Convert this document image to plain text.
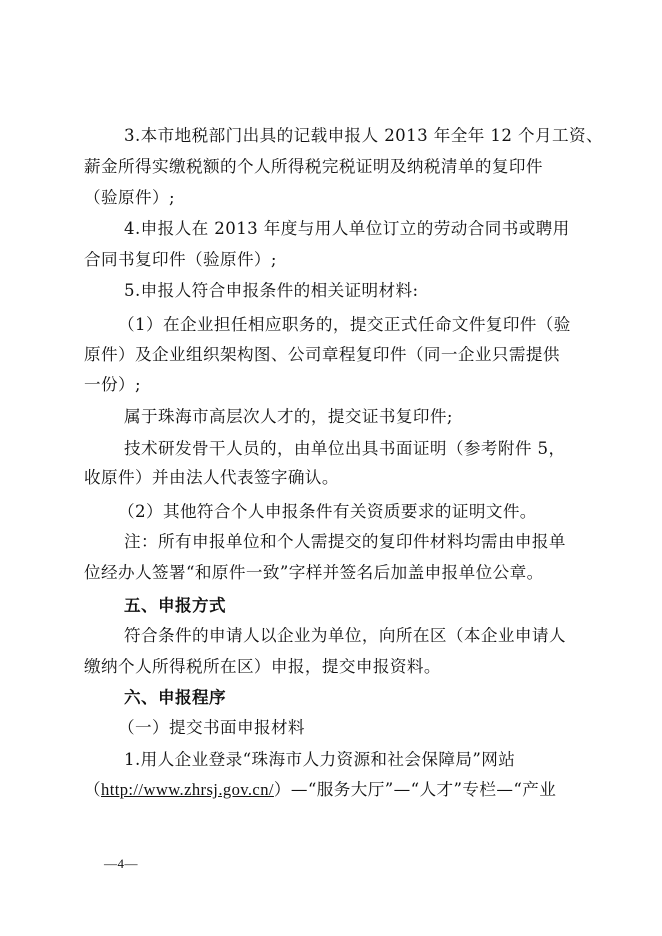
3.本市地税部门出具的记载申报人 2013 年全年 12 个月工资、
薪金所得实缴税额的个人所得税完税证明及纳税清单的复印件
（验原件）;
4.申报人在 2013 年度与用人单位订立的劳动合同书或聘用
合同书复印件（验原件）;
5.申报人符合申报条件的相关证明材料:
（1）在企业担任相应职务的，提交正式任命文件复印件（验
原件）及企业组织架构图、公司章程复印件（同一企业只需提供
一份）;
属于珠海市高层次人才的，提交证书复印件;
技术研发骨干人员的，由单位出具书面证明（参考附件 5，
收原件）并由法人代表签字确认。
（2）其他符合个人申报条件有关资质要求的证明文件。
注：所有申报单位和个人需提交的复印件材料均需由申报单
位经办人签署“和原件一致”字样并签名后加盖申报单位公章。
五、申报方式
符合条件的申请人以企业为单位，向所在区（本企业申请人
缴纳个人所得税所在区）申报，提交申报资料。
六、申报程序
（一）提交书面申报材料
1.用人企业登录“珠海市人力资源和社会保障局”网站
（http://www.zhrsj.gov.cn/）—“服务大厅”—“人才”专栏—“产业
—4—
